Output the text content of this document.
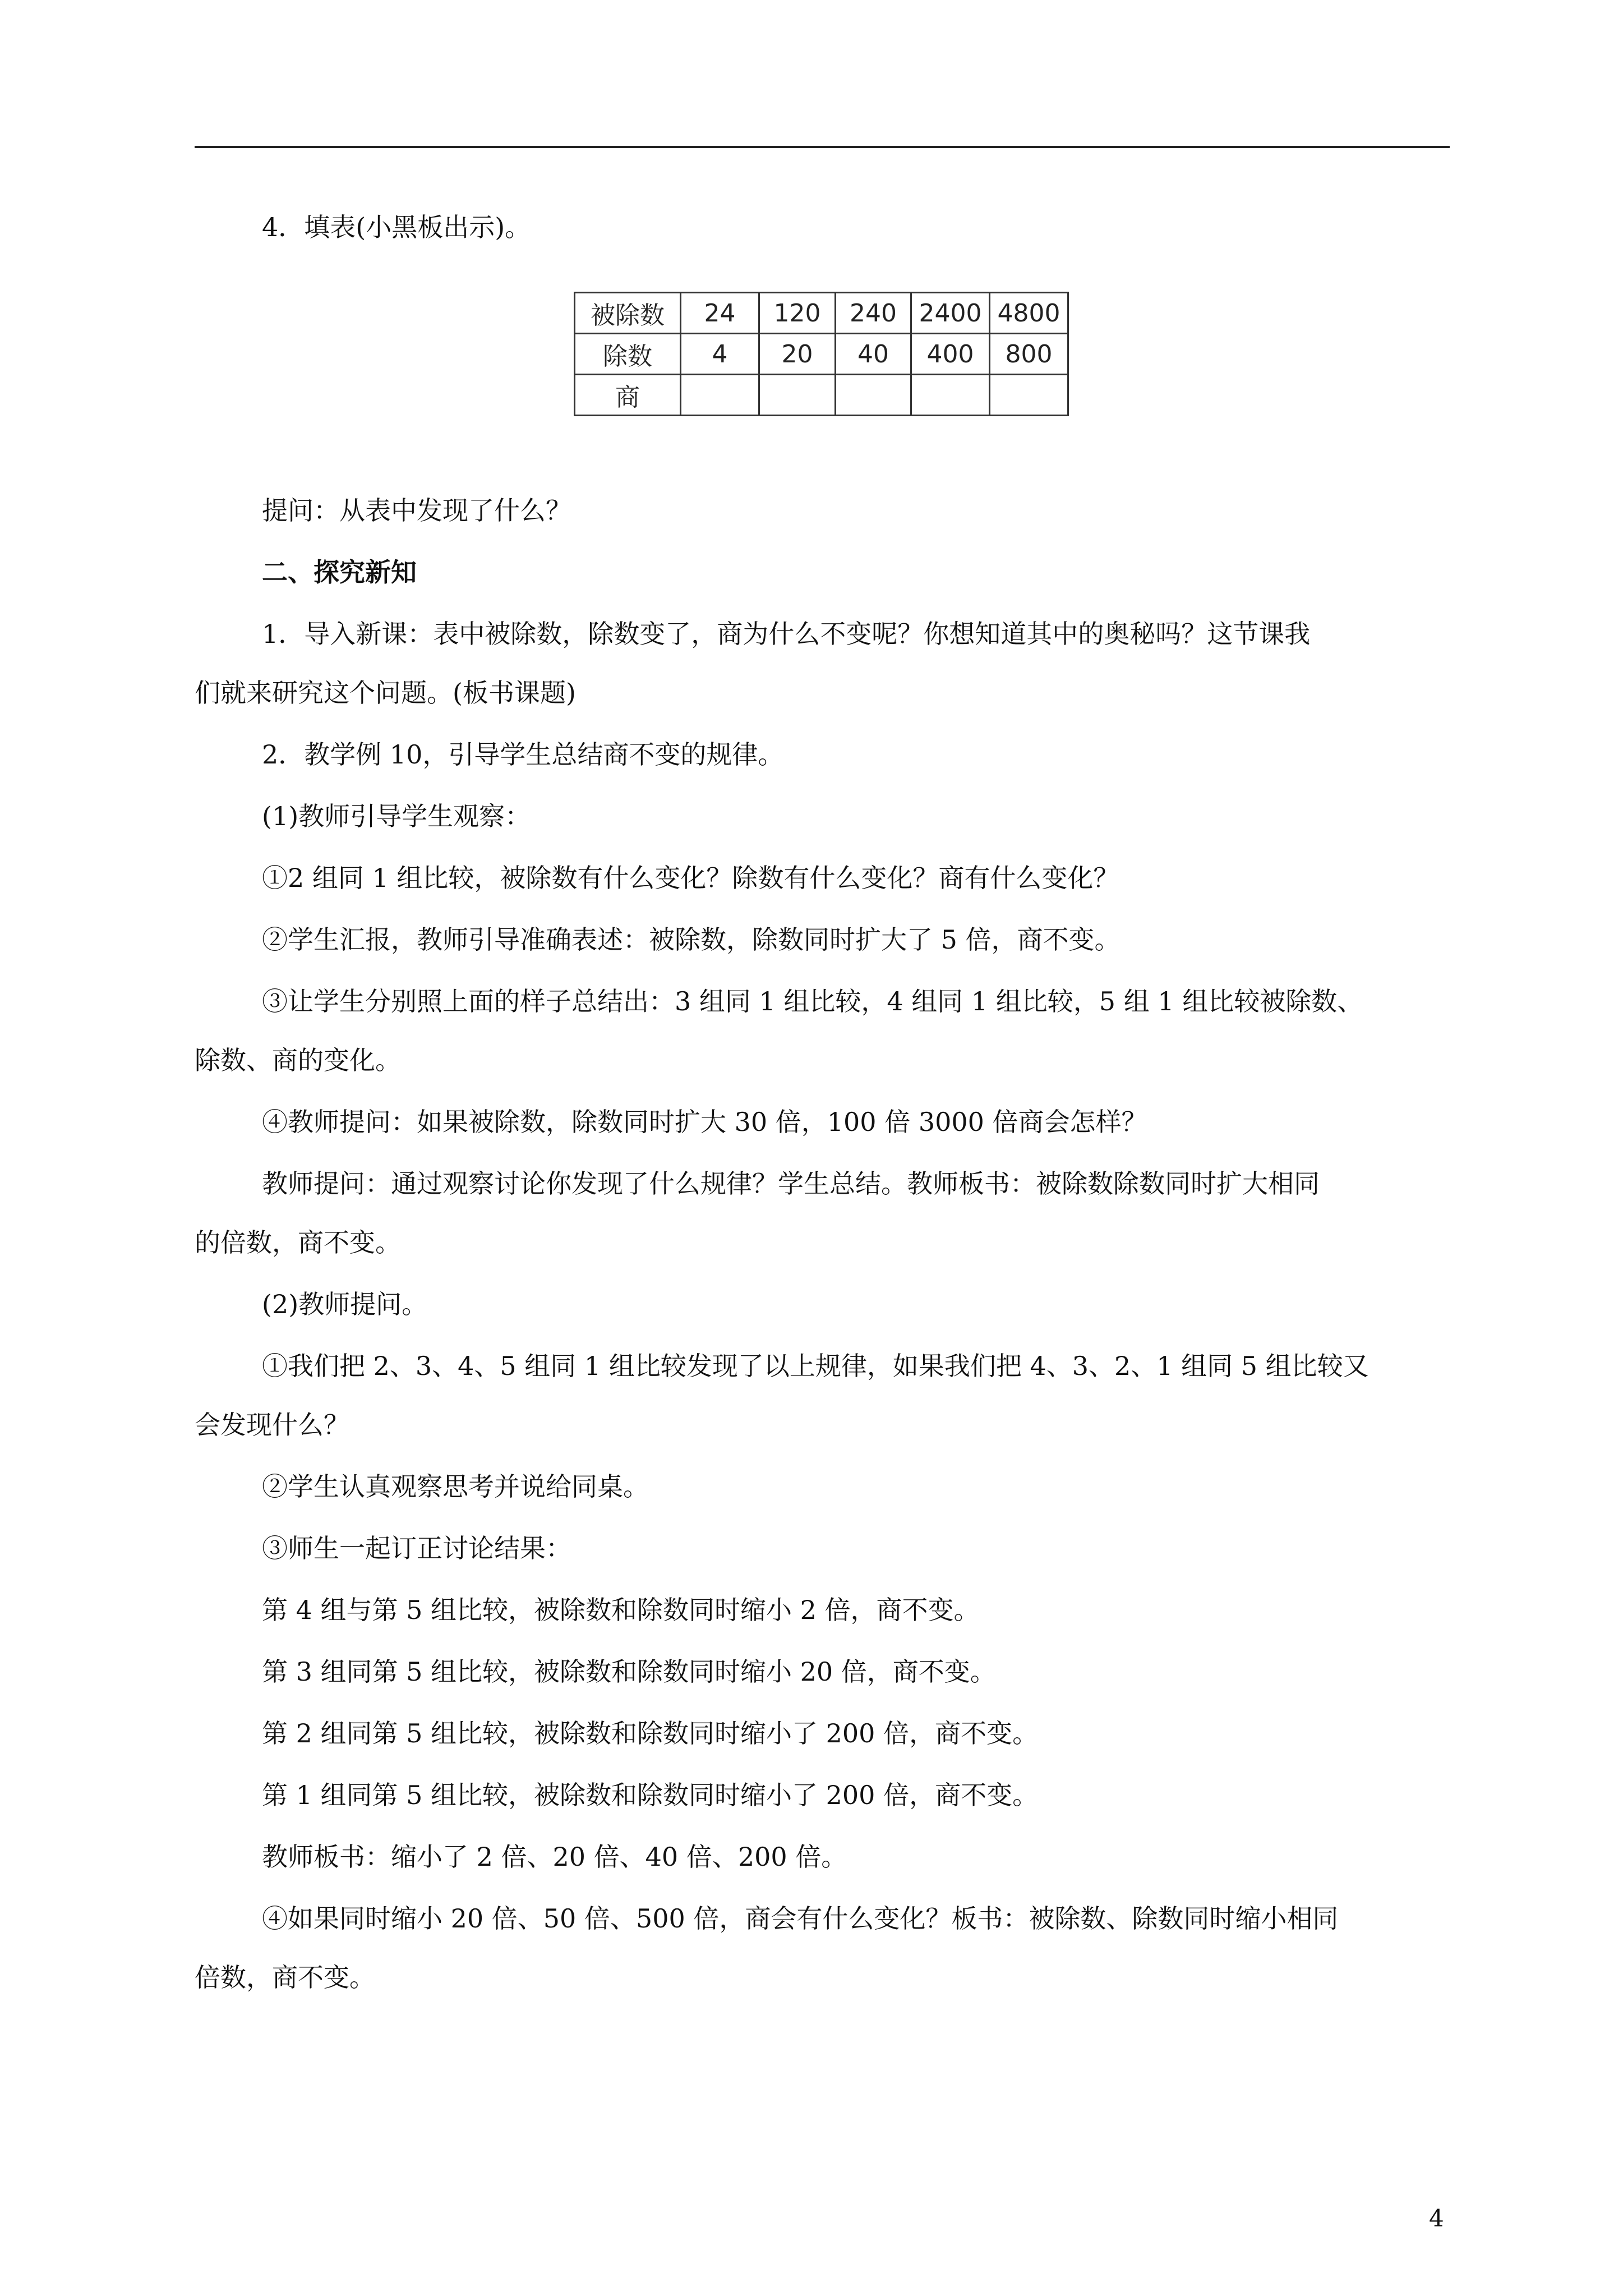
4．填表(小黑板出示)。

被除数	24	120	240	2400	4800
除数	4	20	40	400	800
商					

提问：从表中发现了什么？

二、探究新知

1．导入新课：表中被除数，除数变了，商为什么不变呢？你想知道其中的奥秘吗？这节课我

们就来研究这个问题。(板书课题)

2．教学例 10，引导学生总结商不变的规律。

(1)教师引导学生观察：

①2 组同 1 组比较，被除数有什么变化？除数有什么变化？商有什么变化？

②学生汇报，教师引导准确表述：被除数，除数同时扩大了 5 倍，商不变。

③让学生分别照上面的样子总结出：3 组同 1 组比较，4 组同 1 组比较，5 组 1 组比较被除数、

除数、商的变化。

④教师提问：如果被除数，除数同时扩大 30 倍，100 倍 3000 倍商会怎样？

教师提问：通过观察讨论你发现了什么规律？学生总结。教师板书：被除数除数同时扩大相同

的倍数，商不变。

(2)教师提问。

①我们把 2、3、4、5 组同 1 组比较发现了以上规律，如果我们把 4、3、2、1 组同 5 组比较又

会发现什么？

②学生认真观察思考并说给同桌。

③师生一起订正讨论结果：

第 4 组与第 5 组比较，被除数和除数同时缩小 2 倍，商不变。

第 3 组同第 5 组比较，被除数和除数同时缩小 20 倍，商不变。

第 2 组同第 5 组比较，被除数和除数同时缩小了 200 倍，商不变。

第 1 组同第 5 组比较，被除数和除数同时缩小了 200 倍，商不变。

教师板书：缩小了 2 倍、20 倍、40 倍、200 倍。

④如果同时缩小 20 倍、50 倍、500 倍，商会有什么变化？板书：被除数、除数同时缩小相同

倍数，商不变。

4
